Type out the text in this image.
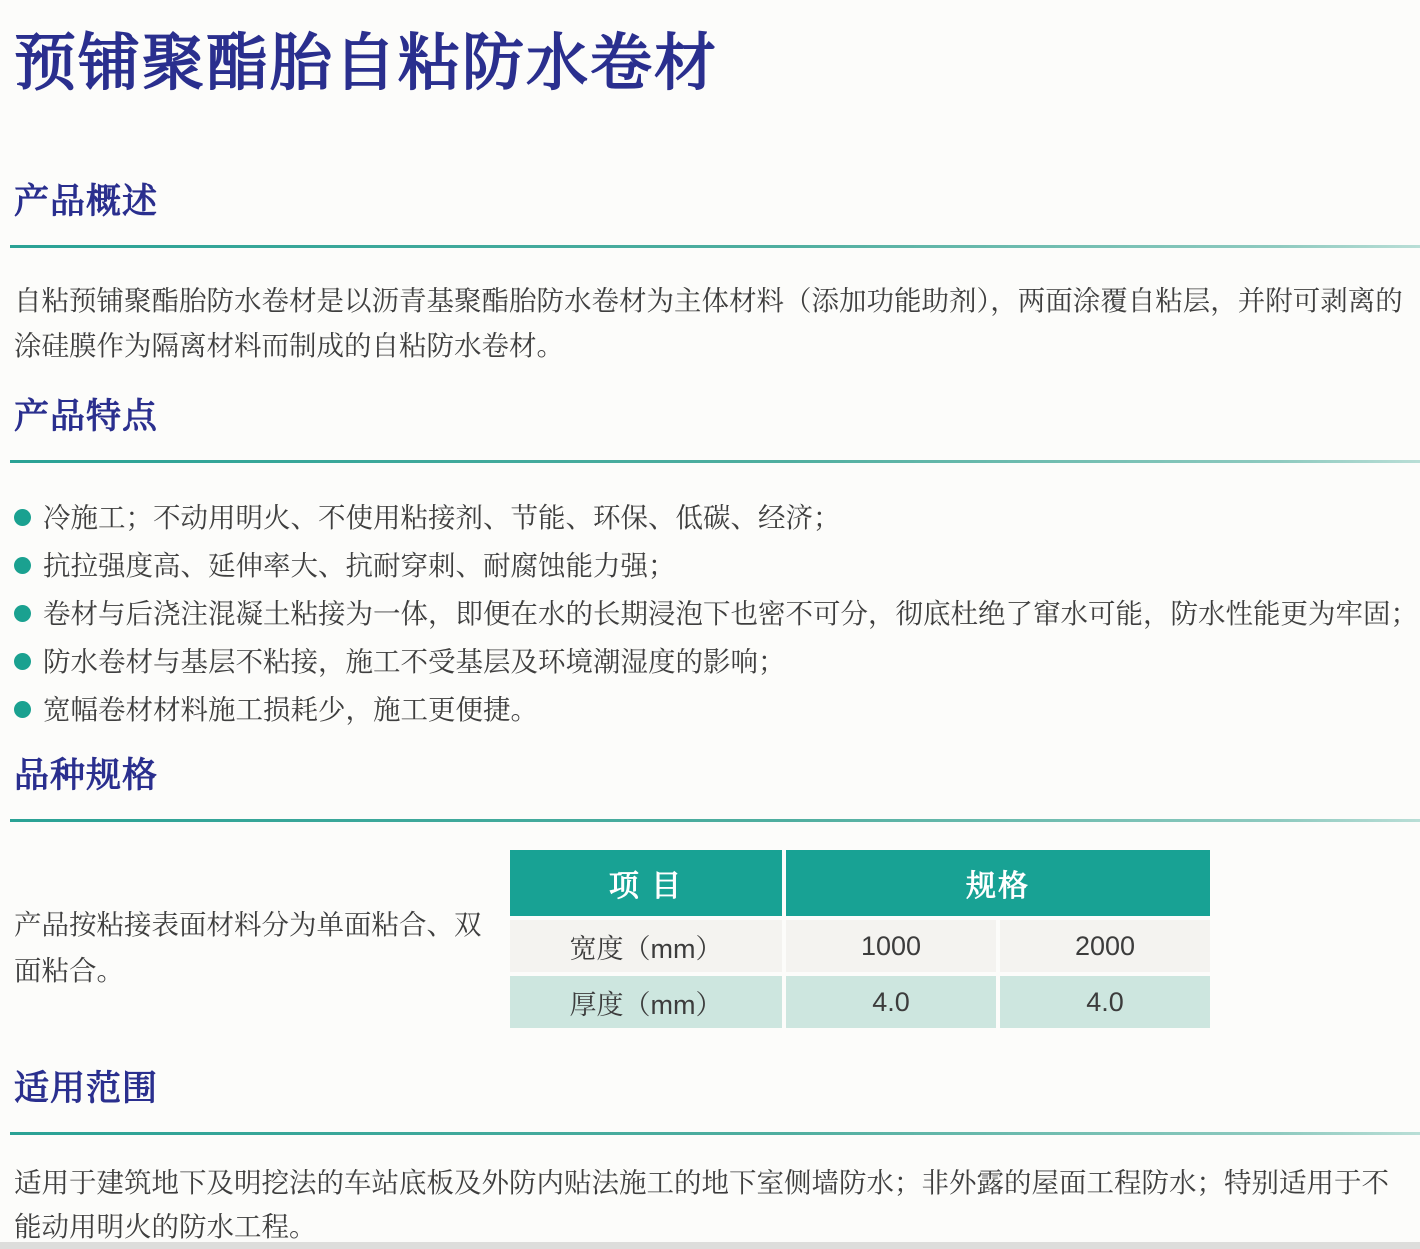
预铺聚酯胎自粘防水卷材
产品概述

自粘预铺聚酯胎防水卷材是以沥青基聚酯胎防水卷材为主体材料（添加功能助剂），两面涂覆自粘层，并附可剥离的涂硅膜作为隔离材料而制成的自粘防水卷材。

产品特点
冷施工；不动用明火、不使用粘接剂、节能、环保、低碳、经济；
抗拉强度高、延伸率大、抗耐穿刺、耐腐蚀能力强；
卷材与后浇注混凝土粘接为一体，即便在水的长期浸泡下也密不可分，彻底杜绝了窜水可能，防水性能更为牢固；
防水卷材与基层不粘接，施工不受基层及环境潮湿度的影响；
宽幅卷材材料施工损耗少，施工更便捷。
品种规格
产品按粘接表面材料分为单面粘合、双面粘合。
项 目	规格
宽度（mm）	1000	2000
厚度（mm）	4.0	4.0
适用范围

适用于建筑地下及明挖法的车站底板及外防内贴法施工的地下室侧墙防水；非外露的屋面工程防水；特别适用于不能动用明火的防水工程。
